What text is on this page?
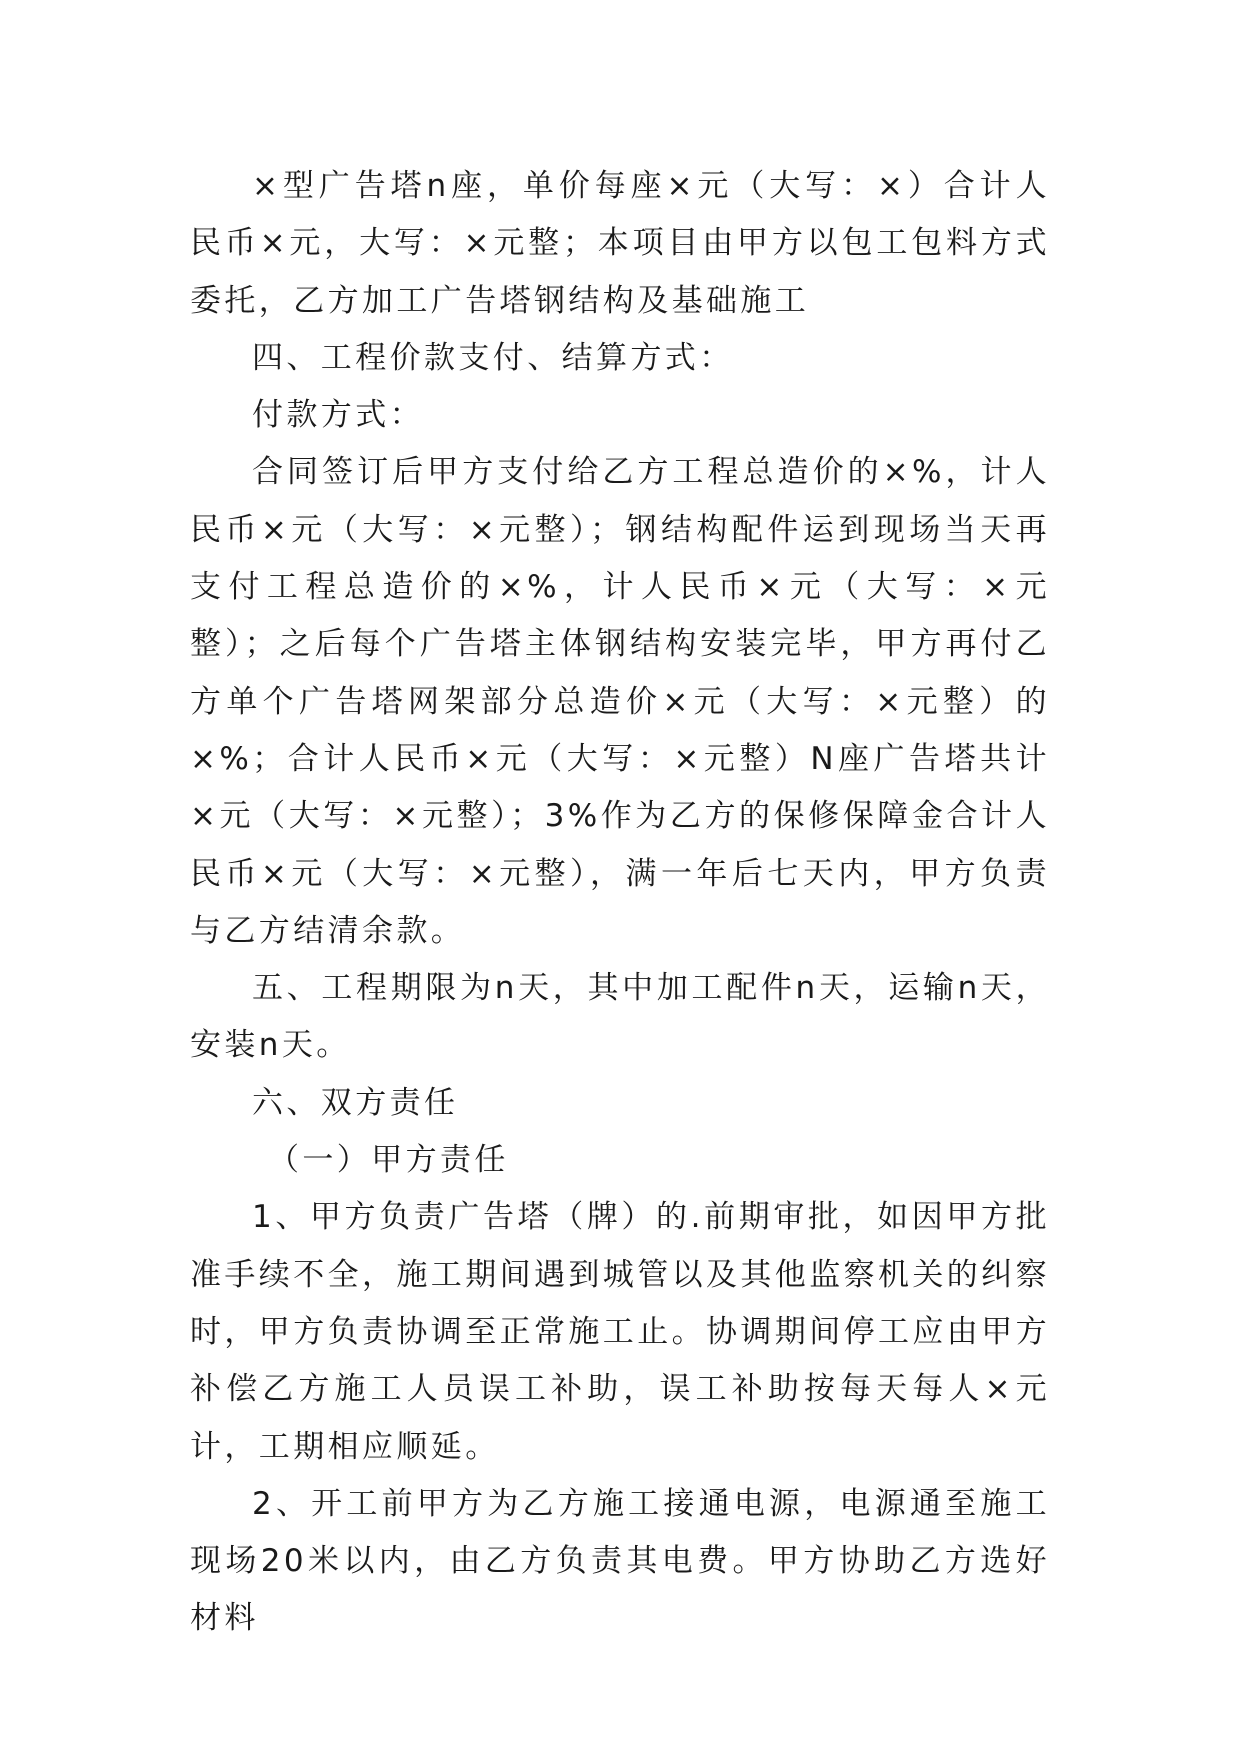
×型广告塔n座，单价每座×元（大写：×）合计人民币×元，大写：×元整；本项目由甲方以包工包料方式委托，乙方加工广告塔钢结构及基础施工

四、工程价款支付、结算方式：

付款方式：

合同签订后甲方支付给乙方工程总造价的×%，计人民币×元（大写：×元整）；钢结构配件运到现场当天再支付工程总造价的×%，计人民币×元（大写：×元整）；之后每个广告塔主体钢结构安装完毕，甲方再付乙方单个广告塔网架部分总造价×元（大写：×元整）的×%；合计人民币×元（大写：×元整）N座广告塔共计×元（大写：×元整）；3%作为乙方的保修保障金合计人民币×元（大写：×元整），满一年后七天内，甲方负责与乙方结清余款。

五、工程期限为n天，其中加工配件n天，运输n天，安装n天。

六、双方责任

（一）甲方责任

1、甲方负责广告塔（牌）的.前期审批，如因甲方批准手续不全，施工期间遇到城管以及其他监察机关的纠察时，甲方负责协调至正常施工止。协调期间停工应由甲方补偿乙方施工人员误工补助，误工补助按每天每人×元计，工期相应顺延。

2、开工前甲方为乙方施工接通电源，电源通至施工现场20米以内，由乙方负责其电费。甲方协助乙方选好材料
